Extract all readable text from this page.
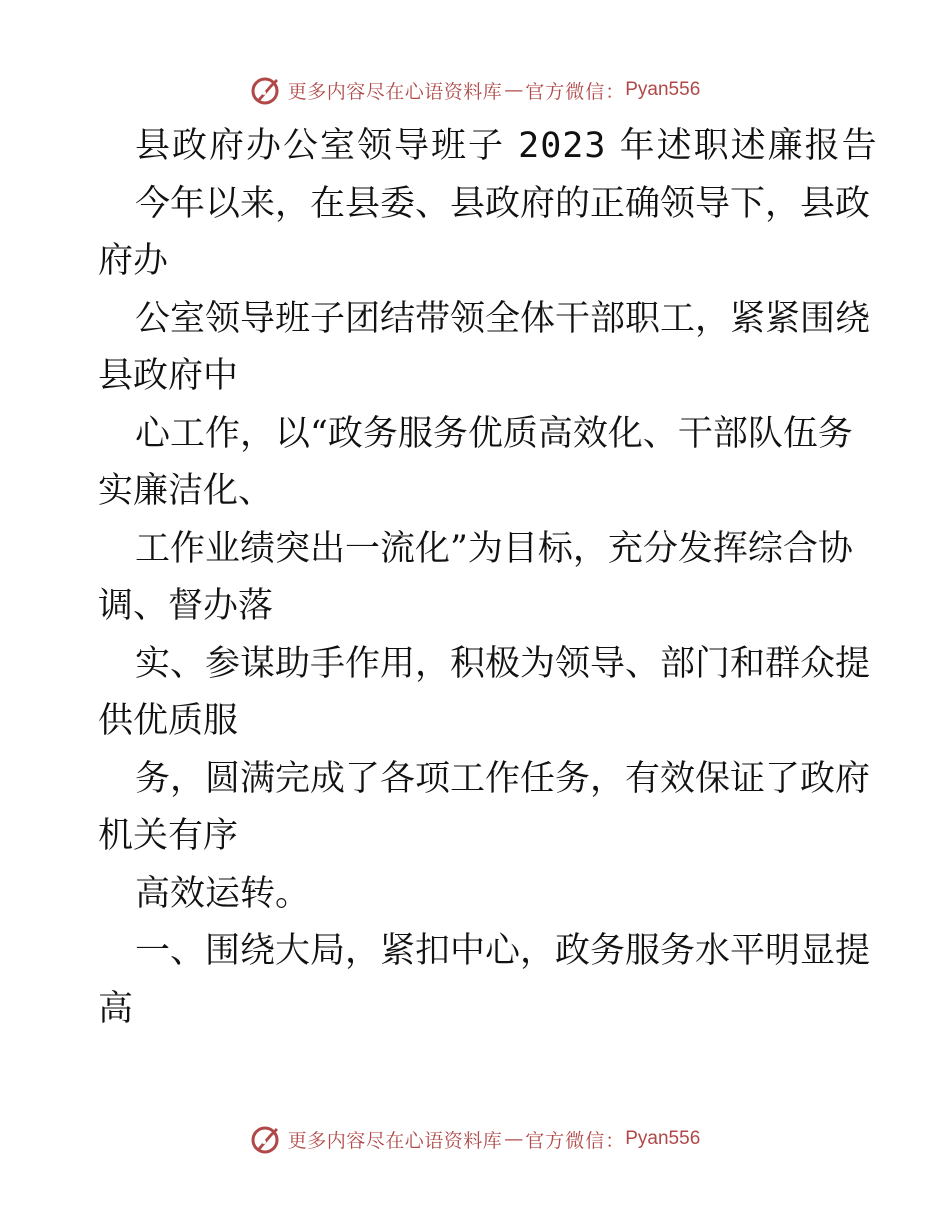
更多内容尽在心语资料库 — 官方微信： Pyan556
县政府办公室领导班子 2023 年述职述廉报告
今年以来，在县委、县政府的正确领导下，县政
府办
公室领导班子团结带领全体干部职工，紧紧围绕
县政府中
心工作，以“政务服务优质高效化、干部队伍务
实廉洁化、
工作业绩突出一流化”为目标，充分发挥综合协
调、督办落
实、参谋助手作用，积极为领导、部门和群众提
供优质服
务，圆满完成了各项工作任务，有效保证了政府
机关有序
高效运转。
一、围绕大局，紧扣中心，政务服务水平明显提
高
更多内容尽在心语资料库 — 官方微信： Pyan556
